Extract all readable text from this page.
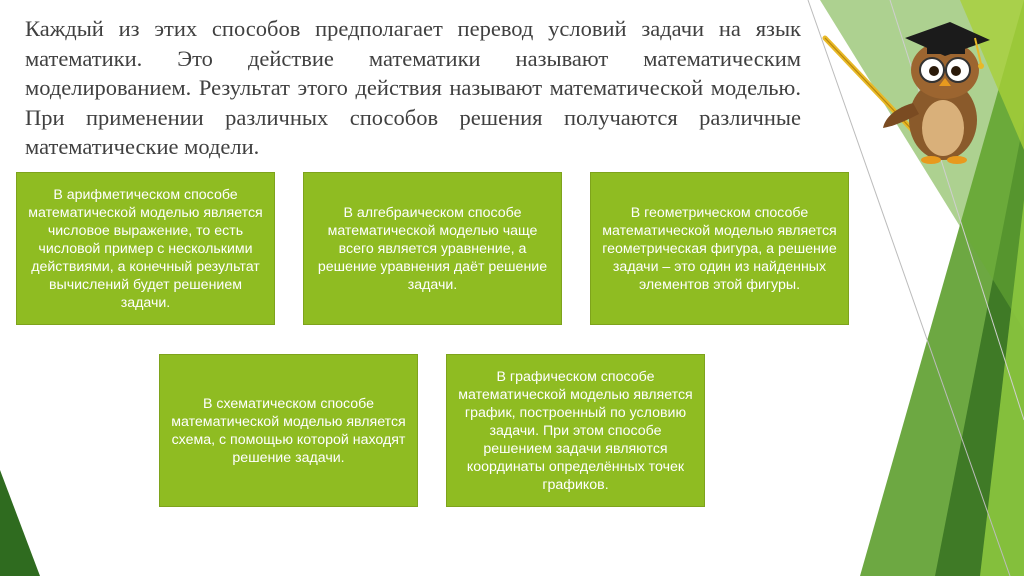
Каждый из этих способов предполагает перевод условий задачи на язык математики. Это действие математики называют математическим моделированием. Результат этого действия называют математической моделью. При применении различных способов решения получаются различные математические модели.

В арифметическом способе математической моделью является числовое выражение, то есть числовой пример с несколькими действиями, а конечный результат вычислений будет решением задачи.
В алгебраическом способе математической моделью чаще всего является уравнение, а решение уравнения даёт решение задачи.
В геометрическом способе математической моделью является геометрическая фигура, а решение задачи – это один из найденных элементов этой фигуры.
В схематическом способе математической моделью является схема, с помощью которой находят решение задачи.
В графическом способе математической моделью является график, построенный по условию задачи. При этом способе решением задачи являются координаты определённых точек графиков.
